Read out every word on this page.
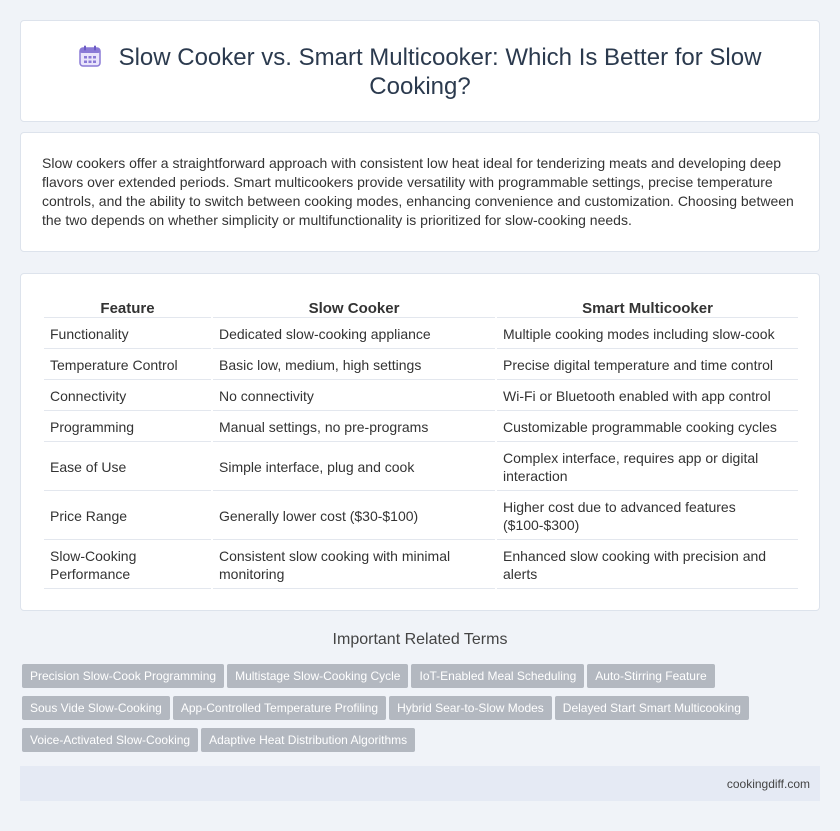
Slow Cooker vs. Smart Multicooker: Which Is Better for Slow Cooking?

Slow cookers offer a straightforward approach with consistent low heat ideal for tenderizing meats and developing deep flavors over extended periods. Smart multicookers provide versatility with programmable settings, precise temperature controls, and the ability to switch between cooking modes, enhancing convenience and customization. Choosing between the two depends on whether simplicity or multifunctionality is prioritized for slow-cooking needs.

Feature	Slow Cooker	Smart Multicooker
Functionality	Dedicated slow-cooking appliance	Multiple cooking modes including slow-cook
Temperature Control	Basic low, medium, high settings	Precise digital temperature and time control
Connectivity	No connectivity	Wi-Fi or Bluetooth enabled with app control
Programming	Manual settings, no pre-programs	Customizable programmable cooking cycles
Ease of Use	Simple interface, plug and cook	Complex interface, requires app or digital interaction
Price Range	Generally lower cost ($30-$100)	Higher cost due to advanced features ($100-$300)
Slow-Cooking Performance	Consistent slow cooking with minimal monitoring	Enhanced slow cooking with precision and alerts
Important Related Terms
Precision Slow-Cook Programming Multistage Slow-Cooking Cycle IoT-Enabled Meal Scheduling Auto-Stirring Feature
Sous Vide Slow-Cooking App-Controlled Temperature Profiling Hybrid Sear-to-Slow Modes Delayed Start Smart Multicooking
Voice-Activated Slow-Cooking Adaptive Heat Distribution Algorithms
cookingdiff.com
